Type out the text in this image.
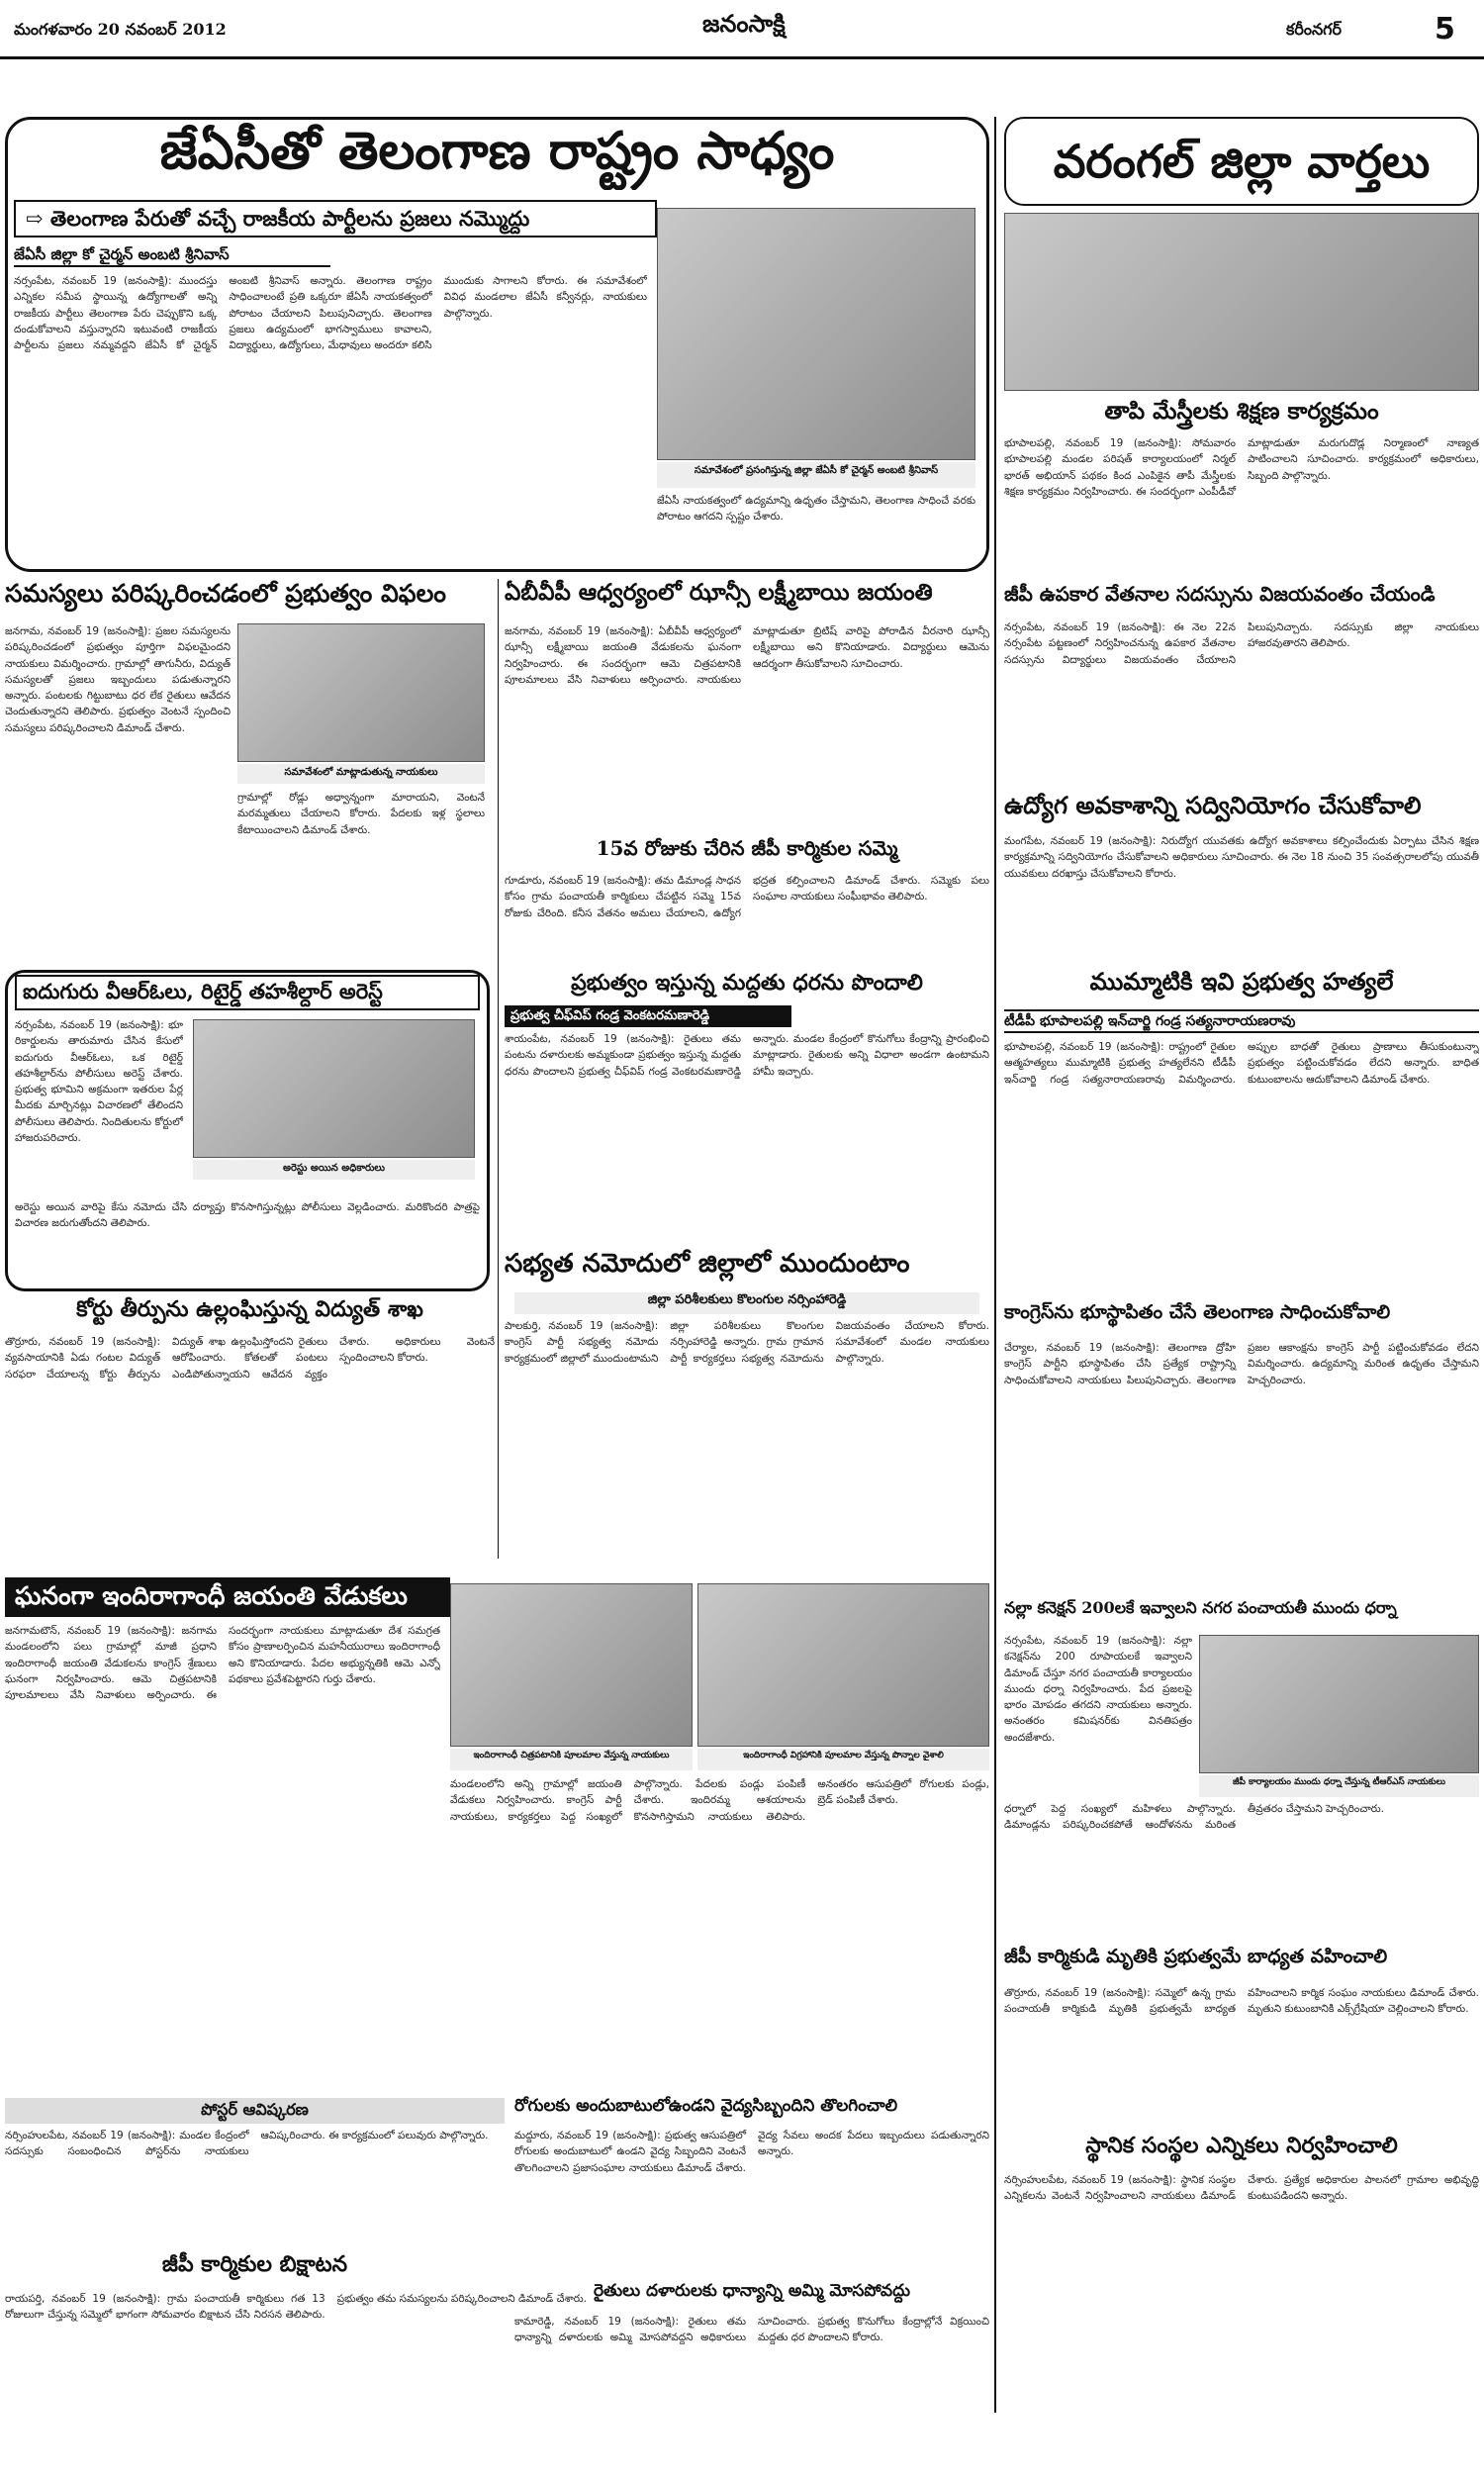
మంగళవారం 20 నవంబర్ 2012	జనంసాక్షి	కరీంనగర్	5
జేఏసీతో తెలంగాణ రాష్ట్రం సాధ్యం
⇨ తెలంగాణ పేరుతో వచ్చే రాజకీయ పార్టీలను ప్రజలు నమ్మొద్దు
జేఏసీ జిల్లా కో చైర్మన్ అంబటి శ్రీనివాస్

నర్సంపేట, నవంబర్ 19 (జనంసాక్షి): ముందస్తు ఎన్నికల సమీప స్థాయిన్న ఉద్యోగాలతో అన్ని రాజకీయ పార్టీలు తెలంగాణ పేరు చెప్పుకొని ఒక్క దండుకోవాలని వస్తున్నారని ఇటువంటి రాజకీయ పార్టీలను ప్రజలు నమ్మవద్దని జేఏసీ కో చైర్మన్ అంబటి శ్రీనివాస్ అన్నారు. తెలంగాణ రాష్ట్రం సాధించాలంటే ప్రతి ఒక్కరూ జేఏసీ నాయకత్వంలో పోరాటం చేయాలని పిలుపునిచ్చారు. తెలంగాణ ప్రజలు ఉద్యమంలో భాగస్వాములు కావాలని, విద్యార్థులు, ఉద్యోగులు, మేధావులు అందరూ కలిసి ముందుకు సాగాలని కోరారు. ఈ సమావేశంలో వివిధ మండలాల జేఏసీ కన్వీనర్లు, నాయకులు పాల్గొన్నారు.

సమావేశంలో ప్రసంగిస్తున్న జిల్లా జేఏసీ కో చైర్మన్ అంబటి శ్రీనివాస్

జేఏసీ నాయకత్వంలో ఉద్యమాన్ని ఉధృతం చేస్తామని, తెలంగాణ సాధించే వరకు పోరాటం ఆగదని స్పష్టం చేశారు.

వరంగల్ జిల్లా వార్తలు
తాపి మేస్త్రీలకు శిక్షణ కార్యక్రమం

భూపాలపల్లి, నవంబర్ 19 (జనంసాక్షి): సోమవారం భూపాలపల్లి మండల పరిషత్ కార్యాలయంలో నిర్మల్ భారత్ అభియాన్ పథకం కింద ఎంపికైన తాపీ మేస్త్రీలకు శిక్షణ కార్యక్రమం నిర్వహించారు. ఈ సందర్భంగా ఎంపీడీవో మాట్లాడుతూ మరుగుదొడ్ల నిర్మాణంలో నాణ్యత పాటించాలని సూచించారు. కార్యక్రమంలో అధికారులు, సిబ్బంది పాల్గొన్నారు.

సమస్యలు పరిష్కరించడంలో ప్రభుత్వం విఫలం
సమావేశంలో మాట్లాడుతున్న నాయకులు

జనగామ, నవంబర్ 19 (జనంసాక్షి): ప్రజల సమస్యలను పరిష్కరించడంలో ప్రభుత్వం పూర్తిగా విఫలమైందని నాయకులు విమర్శించారు. గ్రామాల్లో తాగునీరు, విద్యుత్ సమస్యలతో ప్రజలు ఇబ్బందులు పడుతున్నారని అన్నారు. పంటలకు గిట్టుబాటు ధర లేక రైతులు ఆవేదన చెందుతున్నారని తెలిపారు. ప్రభుత్వం వెంటనే స్పందించి సమస్యలు పరిష్కరించాలని డిమాండ్ చేశారు.

గ్రామాల్లో రోడ్లు అధ్వాన్నంగా మారాయని, వెంటనే మరమ్మతులు చేయాలని కోరారు. పేదలకు ఇళ్ల స్థలాలు కేటాయించాలని డిమాండ్ చేశారు.

ఏబీవీపీ ఆధ్వర్యంలో ఝాన్సీ లక్ష్మీబాయి జయంతి

జనగామ, నవంబర్ 19 (జనంసాక్షి): ఏబీవీపీ ఆధ్వర్యంలో ఝాన్సీ లక్ష్మీబాయి జయంతి వేడుకలను ఘనంగా నిర్వహించారు. ఈ సందర్భంగా ఆమె చిత్రపటానికి పూలమాలలు వేసి నివాళులు అర్పించారు. నాయకులు మాట్లాడుతూ బ్రిటిష్ వారిపై పోరాడిన వీరనారి ఝాన్సీ లక్ష్మీబాయి అని కొనియాడారు. విద్యార్థులు ఆమెను ఆదర్శంగా తీసుకోవాలని సూచించారు.

15వ రోజుకు చేరిన జీపీ కార్మికుల సమ్మె

గూడూరు, నవంబర్ 19 (జనంసాక్షి): తమ డిమాండ్ల సాధన కోసం గ్రామ పంచాయతీ కార్మికులు చేపట్టిన సమ్మె 15వ రోజుకు చేరింది. కనీస వేతనం అమలు చేయాలని, ఉద్యోగ భద్రత కల్పించాలని డిమాండ్ చేశారు. సమ్మెకు పలు సంఘాల నాయకులు సంఘీభావం తెలిపారు.

జీపీ ఉపకార వేతనాల సదస్సును విజయవంతం చేయండి

నర్సంపేట, నవంబర్ 19 (జనంసాక్షి): ఈ నెల 22న నర్సంపేట పట్టణంలో నిర్వహించనున్న ఉపకార వేతనాల సదస్సును విద్యార్థులు విజయవంతం చేయాలని పిలుపునిచ్చారు. సదస్సుకు జిల్లా నాయకులు హాజరవుతారని తెలిపారు.

ఉద్యోగ అవకాశాన్ని సద్వినియోగం చేసుకోవాలి

మంగపేట, నవంబర్ 19 (జనంసాక్షి): నిరుద్యోగ యువతకు ఉద్యోగ అవకాశాలు కల్పించేందుకు ఏర్పాటు చేసిన శిక్షణ కార్యక్రమాన్ని సద్వినియోగం చేసుకోవాలని అధికారులు సూచించారు. ఈ నెల 18 నుంచి 35 సంవత్సరాలలోపు యువతీ యువకులు దరఖాస్తు చేసుకోవాలని కోరారు.

ఐదుగురు వీఆర్ఓలు, రిటైర్డ్ తహశీల్దార్ అరెస్ట్

నర్సంపేట, నవంబర్ 19 (జనంసాక్షి): భూ రికార్డులను తారుమారు చేసిన కేసులో ఐదుగురు వీఆర్ఓలు, ఒక రిటైర్డ్ తహశీల్దార్‌ను పోలీసులు అరెస్ట్ చేశారు. ప్రభుత్వ భూమిని అక్రమంగా ఇతరుల పేర్ల మీదకు మార్చినట్లు విచారణలో తేలిందని పోలీసులు తెలిపారు. నిందితులను కోర్టులో హాజరుపరిచారు.

అరెస్టు అయిన అధికారులు

అరెస్టు అయిన వారిపై కేసు నమోదు చేసి దర్యాప్తు కొనసాగిస్తున్నట్లు పోలీసులు వెల్లడించారు. మరికొందరి పాత్రపై విచారణ జరుగుతోందని తెలిపారు.

ప్రభుత్వం ఇస్తున్న మద్దతు ధరను పొందాలి
ప్రభుత్వ చీఫ్‌విప్ గండ్ర వెంకటరమణారెడ్డి

శాయంపేట, నవంబర్ 19 (జనంసాక్షి): రైతులు తమ పంటను దళారులకు అమ్మకుండా ప్రభుత్వం ఇస్తున్న మద్దతు ధరను పొందాలని ప్రభుత్వ చీఫ్‌విప్ గండ్ర వెంకటరమణారెడ్డి అన్నారు. మండల కేంద్రంలో కొనుగోలు కేంద్రాన్ని ప్రారంభించి మాట్లాడారు. రైతులకు అన్ని విధాలా అండగా ఉంటామని హామీ ఇచ్చారు.

ముమ్మాటికి ఇవి ప్రభుత్వ హత్యలే
టీడీపీ భూపాలపల్లి ఇన్‌చార్జి గండ్ర సత్యనారాయణరావు

భూపాలపల్లి, నవంబర్ 19 (జనంసాక్షి): రాష్ట్రంలో రైతుల ఆత్మహత్యలు ముమ్మాటికి ప్రభుత్వ హత్యలేనని టీడీపీ ఇన్‌చార్జి గండ్ర సత్యనారాయణరావు విమర్శించారు. అప్పుల బాధతో రైతులు ప్రాణాలు తీసుకుంటున్నా ప్రభుత్వం పట్టించుకోవడం లేదని అన్నారు. బాధిత కుటుంబాలను ఆదుకోవాలని డిమాండ్ చేశారు.

సభ్యత నమోదులో జిల్లాలో ముందుంటాం
జిల్లా పరిశీలకులు కొలంగుల నర్సింహారెడ్డి

పాలకుర్తి, నవంబర్ 19 (జనంసాక్షి): కాంగ్రెస్ పార్టీ సభ్యత్వ నమోదు కార్యక్రమంలో జిల్లాలో ముందుంటామని జిల్లా పరిశీలకులు కొలంగుల నర్సింహారెడ్డి అన్నారు. గ్రామ గ్రామాన పార్టీ కార్యకర్తలు సభ్యత్వ నమోదును విజయవంతం చేయాలని కోరారు. సమావేశంలో మండల నాయకులు పాల్గొన్నారు.

కోర్టు తీర్పును ఉల్లంఘిస్తున్న విద్యుత్ శాఖ

తొర్రూరు, నవంబర్ 19 (జనంసాక్షి): వ్యవసాయానికి ఏడు గంటల విద్యుత్ సరఫరా చేయాలన్న కోర్టు తీర్పును విద్యుత్ శాఖ ఉల్లంఘిస్తోందని రైతులు ఆరోపించారు. కోతలతో పంటలు ఎండిపోతున్నాయని ఆవేదన వ్యక్తం చేశారు. అధికారులు వెంటనే స్పందించాలని కోరారు.

కాంగ్రెస్‌ను భూస్థాపితం చేసే తెలంగాణ సాధించుకోవాలి

చేర్యాల, నవంబర్ 19 (జనంసాక్షి): తెలంగాణ ద్రోహి కాంగ్రెస్ పార్టీని భూస్థాపితం చేసి ప్రత్యేక రాష్ట్రాన్ని సాధించుకోవాలని నాయకులు పిలుపునిచ్చారు. తెలంగాణ ప్రజల ఆకాంక్షను కాంగ్రెస్ పార్టీ పట్టించుకోవడం లేదని విమర్శించారు. ఉద్యమాన్ని మరింత ఉధృతం చేస్తామని హెచ్చరించారు.

ఘనంగా ఇందిరాగాంధీ జయంతి వేడుకలు

జనగామటౌన్, నవంబర్ 19 (జనంసాక్షి): జనగామ మండలంలోని పలు గ్రామాల్లో మాజీ ప్రధాని ఇందిరాగాంధీ జయంతి వేడుకలను కాంగ్రెస్ శ్రేణులు ఘనంగా నిర్వహించారు. ఆమె చిత్రపటానికి పూలమాలలు వేసి నివాళులు అర్పించారు. ఈ సందర్భంగా నాయకులు మాట్లాడుతూ దేశ సమగ్రత కోసం ప్రాణాలర్పించిన మహనీయురాలు ఇందిరాగాంధీ అని కొనియాడారు. పేదల అభ్యున్నతికి ఆమె ఎన్నో పథకాలు ప్రవేశపెట్టారని గుర్తు చేశారు.

ఇందిరాగాంధీ చిత్రపటానికి పూలమాల వేస్తున్న నాయకులు	ఇందిరాగాంధీ విగ్రహానికి పూలమాల వేస్తున్న పొన్నాల వైశాలి

మండలంలోని అన్ని గ్రామాల్లో జయంతి వేడుకలు నిర్వహించారు. కాంగ్రెస్ పార్టీ నాయకులు, కార్యకర్తలు పెద్ద సంఖ్యలో పాల్గొన్నారు. పేదలకు పండ్లు పంపిణీ చేశారు. ఇందిరమ్మ ఆశయాలను కొనసాగిస్తామని నాయకులు తెలిపారు. అనంతరం ఆసుపత్రిలో రోగులకు పండ్లు, బ్రెడ్ పంపిణీ చేశారు.

నల్లా కనెక్షన్ 200లకే ఇవ్వాలని నగర పంచాయతీ ముందు ధర్నా

నర్సంపేట, నవంబర్ 19 (జనంసాక్షి): నల్లా కనెక్షన్‌ను 200 రూపాయలకే ఇవ్వాలని డిమాండ్ చేస్తూ నగర పంచాయతీ కార్యాలయం ముందు ధర్నా నిర్వహించారు. పేద ప్రజలపై భారం మోపడం తగదని నాయకులు అన్నారు. అనంతరం కమిషనర్‌కు వినతిపత్రం అందజేశారు.

జీపీ కార్యాలయం ముందు ధర్నా చేస్తున్న టీఆర్ఎస్ నాయకులు

ధర్నాలో పెద్ద సంఖ్యలో మహిళలు పాల్గొన్నారు. డిమాండ్లను పరిష్కరించకపోతే ఆందోళనను మరింత తీవ్రతరం చేస్తామని హెచ్చరించారు.

జీపీ కార్మికుడి మృతికి ప్రభుత్వమే బాధ్యత వహించాలి

తొర్రూరు, నవంబర్ 19 (జనంసాక్షి): సమ్మెలో ఉన్న గ్రామ పంచాయతీ కార్మికుడి మృతికి ప్రభుత్వమే బాధ్యత వహించాలని కార్మిక సంఘం నాయకులు డిమాండ్ చేశారు. మృతుని కుటుంబానికి ఎక్స్‌గ్రేషియా చెల్లించాలని కోరారు.

పోస్టర్ ఆవిష్కరణ

నర్సింహులపేట, నవంబర్ 19 (జనంసాక్షి): మండల కేంద్రంలో సదస్సుకు సంబంధించిన పోస్టర్‌ను నాయకులు ఆవిష్కరించారు. ఈ కార్యక్రమంలో పలువురు పాల్గొన్నారు.

రోగులకు అందుబాటులోఉండని వైద్యసిబ్బందిని తొలగించాలి

మద్దూరు, నవంబర్ 19 (జనంసాక్షి): ప్రభుత్వ ఆసుపత్రిలో రోగులకు అందుబాటులో ఉండని వైద్య సిబ్బందిని వెంటనే తొలగించాలని ప్రజాసంఘాల నాయకులు డిమాండ్ చేశారు. వైద్య సేవలు అందక పేదలు ఇబ్బందులు పడుతున్నారని అన్నారు.

జీపీ కార్మికుల బిక్షాటన

రాయపర్తి, నవంబర్ 19 (జనంసాక్షి): గ్రామ పంచాయతీ కార్మికులు గత 13 రోజులుగా చేస్తున్న సమ్మెలో భాగంగా సోమవారం బిక్షాటన చేసి నిరసన తెలిపారు. ప్రభుత్వం తమ సమస్యలను పరిష్కరించాలని డిమాండ్ చేశారు. రైతులు దళారులకు ధాన్యాన్ని అమ్మి మోసపోవద్దు

కామారెడ్డి, నవంబర్ 19 (జనంసాక్షి): రైతులు తమ ధాన్యాన్ని దళారులకు అమ్మి మోసపోవద్దని అధికారులు సూచించారు. ప్రభుత్వ కొనుగోలు కేంద్రాల్లోనే విక్రయించి మద్దతు ధర పొందాలని కోరారు.

స్థానిక సంస్థల ఎన్నికలు నిర్వహించాలి

నర్సింహులపేట, నవంబర్ 19 (జనంసాక్షి): స్థానిక సంస్థల ఎన్నికలను వెంటనే నిర్వహించాలని నాయకులు డిమాండ్ చేశారు. ప్రత్యేక అధికారుల పాలనలో గ్రామాల అభివృద్ధి కుంటుపడిందని అన్నారు.
